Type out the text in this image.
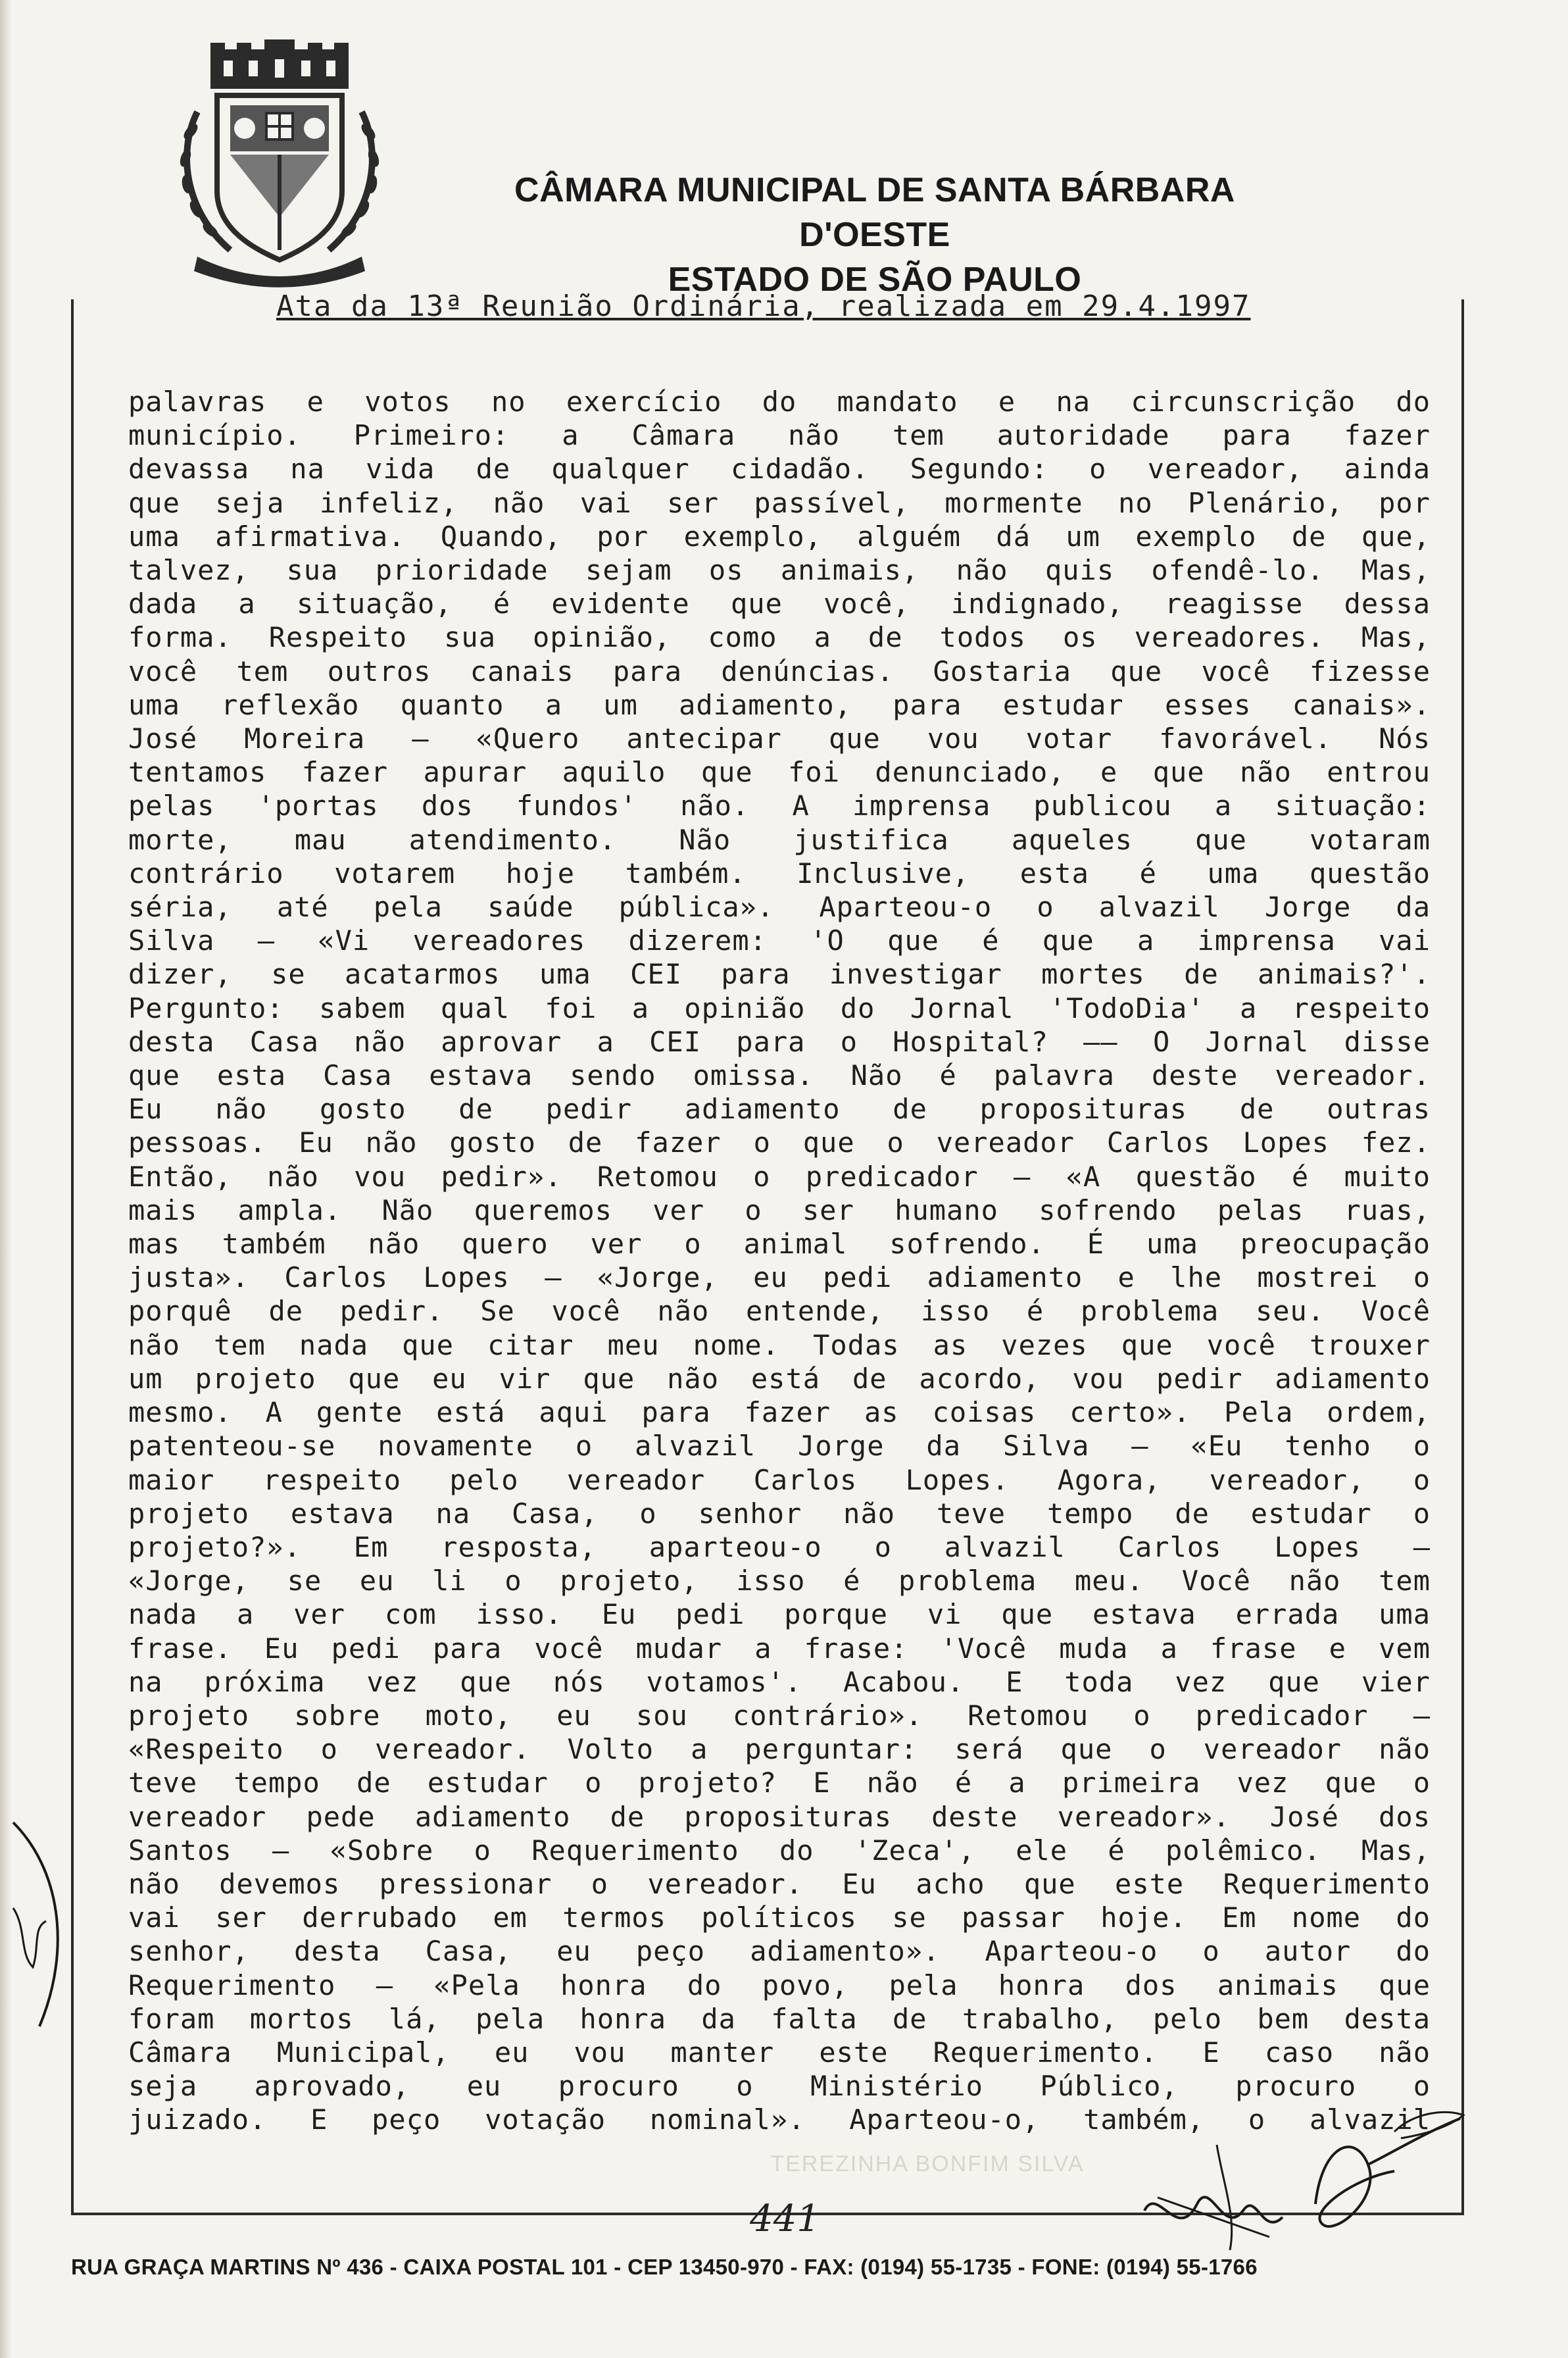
CÂMARA MUNICIPAL DE SANTA BÁRBARA D'OESTE
ESTADO DE SÃO PAULO
Ata da 13ª Reunião Ordinária, realizada em 29.4.1997

palavras e votos no exercício do mandato e na circunscrição do

município. Primeiro: a Câmara não tem autoridade para fazer

devassa na vida de qualquer cidadão. Segundo: o vereador, ainda

que seja infeliz, não vai ser passível, mormente no Plenário, por

uma afirmativa. Quando, por exemplo, alguém dá um exemplo de que,

talvez, sua prioridade sejam os animais, não quis ofendê-lo. Mas,

dada a situação, é evidente que você, indignado, reagisse dessa

forma. Respeito sua opinião, como a de todos os vereadores. Mas,

você tem outros canais para denúncias. Gostaria que você fizesse

uma reflexão quanto a um adiamento, para estudar esses canais».

José Moreira – «Quero antecipar que vou votar favorável. Nós

tentamos fazer apurar aquilo que foi denunciado, e que não entrou

pelas 'portas dos fundos' não. A imprensa publicou a situação:

morte, mau atendimento. Não justifica aqueles que votaram

contrário votarem hoje também. Inclusive, esta é uma questão

séria, até pela saúde pública». Aparteou-o o alvazil Jorge da

Silva – «Vi vereadores dizerem: 'O que é que a imprensa vai

dizer, se acatarmos uma CEI para investigar mortes de animais?'.

Pergunto: sabem qual foi a opinião do Jornal 'TodoDia' a respeito

desta Casa não aprovar a CEI para o Hospital? —— O Jornal disse

que esta Casa estava sendo omissa. Não é palavra deste vereador.

Eu não gosto de pedir adiamento de proposituras de outras

pessoas. Eu não gosto de fazer o que o vereador Carlos Lopes fez.

Então, não vou pedir». Retomou o predicador – «A questão é muito

mais ampla. Não queremos ver o ser humano sofrendo pelas ruas,

mas também não quero ver o animal sofrendo. É uma preocupação

justa». Carlos Lopes – «Jorge, eu pedi adiamento e lhe mostrei o

porquê de pedir. Se você não entende, isso é problema seu. Você

não tem nada que citar meu nome. Todas as vezes que você trouxer

um projeto que eu vir que não está de acordo, vou pedir adiamento

mesmo. A gente está aqui para fazer as coisas certo». Pela ordem,

patenteou-se novamente o alvazil Jorge da Silva – «Eu tenho o

maior respeito pelo vereador Carlos Lopes. Agora, vereador, o

projeto estava na Casa, o senhor não teve tempo de estudar o

projeto?». Em resposta, aparteou-o o alvazil Carlos Lopes –

«Jorge, se eu li o projeto, isso é problema meu. Você não tem

nada a ver com isso. Eu pedi porque vi que estava errada uma

frase. Eu pedi para você mudar a frase: 'Você muda a frase e vem

na próxima vez que nós votamos'. Acabou. E toda vez que vier

projeto sobre moto, eu sou contrário». Retomou o predicador –

«Respeito o vereador. Volto a perguntar: será que o vereador não

teve tempo de estudar o projeto? E não é a primeira vez que o

vereador pede adiamento de proposituras deste vereador». José dos

Santos – «Sobre o Requerimento do 'Zeca', ele é polêmico. Mas,

não devemos pressionar o vereador. Eu acho que este Requerimento

vai ser derrubado em termos políticos se passar hoje. Em nome do

senhor, desta Casa, eu peço adiamento». Aparteou-o o autor do

Requerimento – «Pela honra do povo, pela honra dos animais que

foram mortos lá, pela honra da falta de trabalho, pelo bem desta

Câmara Municipal, eu vou manter este Requerimento. E caso não

seja aprovado, eu procuro o Ministério Público, procuro o

juizado. E peço votação nominal». Aparteou-o, também, o alvazil

TEREZINHA BONFIM SILVA
441
RUA GRAÇA MARTINS Nº 436 - CAIXA POSTAL 101 - CEP 13450-970 - FAX: (0194) 55-1735 - FONE: (0194) 55-1766
